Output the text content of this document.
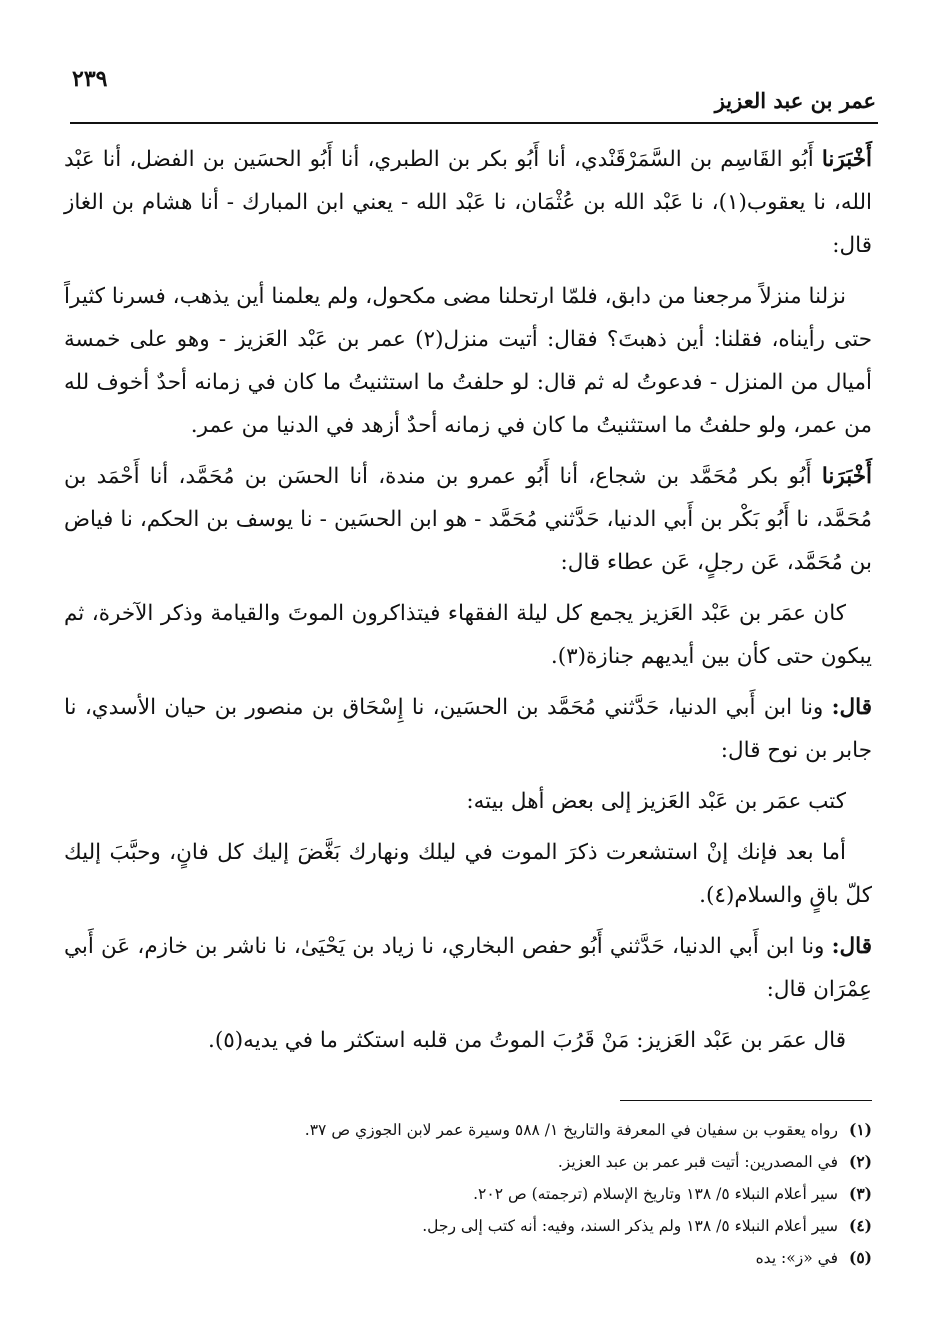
٢٣٩
عمر بن عبد العزيز

أَخْبَرَنا أَبُو القَاسِم بن السَّمَرْقَنْدي، أنا أَبُو بكر بن الطبري، أنا أَبُو الحسَين بن الفضل، أنا عَبْد الله، نا يعقوب(١)، نا عَبْد الله بن عُثْمَان، نا عَبْد الله - يعني ابن المبارك - أنا هشام بن الغاز قال:

نزلنا منزلاً مرجعنا من دابق، فلمّا ارتحلنا مضى مكحول، ولم يعلمنا أين يذهب، فسرنا كثيراً حتى رأيناه، فقلنا: أين ذهبتَ؟ فقال: أتيت منزل(٢) عمر بن عَبْد العَزيز - وهو على خمسة أميال من المنزل - فدعوتُ له ثم قال: لو حلفتُ ما استثنيتُ ما كان في زمانه أحدٌ أخوف لله من عمر، ولو حلفتُ ما استثنيتُ ما كان في زمانه أحدٌ أزهد في الدنيا من عمر.

أَخْبَرَنا أَبُو بكر مُحَمَّد بن شجاع، أنا أَبُو عمرو بن مندة، أنا الحسَن بن مُحَمَّد، أنا أَحْمَد بن مُحَمَّد، نا أَبُو بَكْر بن أَبي الدنيا، حَدَّثني مُحَمَّد - هو ابن الحسَين - نا يوسف بن الحكم، نا فياض بن مُحَمَّد، عَن رجلٍ، عَن عطاء قال:

كان عمَر بن عَبْد العَزيز يجمع كل ليلة الفقهاء فيتذاكرون الموتَ والقيامة وذكر الآخرة، ثم يبكون حتى كأن بين أيديهم جنازة(٣).

قال: ونا ابن أَبي الدنيا، حَدَّثني مُحَمَّد بن الحسَين، نا إِسْحَاق بن منصور بن حيان الأسدي، نا جابر بن نوح قال:

كتب عمَر بن عَبْد العَزيز إلى بعض أهل بيته:

أما بعد فإنك إنْ استشعرت ذكرَ الموت في ليلك ونهارك بَغَّضَ إليك كل فانٍ، وحبَّبَ إليك كلّ باقٍ والسلام(٤).

قال: ونا ابن أَبي الدنيا، حَدَّثني أَبُو حفص البخاري، نا زياد بن يَحْيَىٰ، نا ناشر بن خازم، عَن أَبي عِمْرَان قال:

قال عمَر بن عَبْد العَزيز: مَنْ قَرُبَ الموتُ من قلبه استكثر ما في يديه(٥).

(١)رواه يعقوب بن سفيان في المعرفة والتاريخ ١/ ٥٨٨ وسيرة عمر لابن الجوزي ص ٣٧.
(٢)في المصدرين: أتيت قبر عمر بن عبد العزيز.
(٣)سير أعلام النبلاء ٥/ ١٣٨ وتاريخ الإسلام (ترجمته) ص ٢٠٢.
(٤)سير أعلام النبلاء ٥/ ١٣٨ ولم يذكر السند، وفيه: أنه كتب إلى رجل.
(٥)في «ز»: يده
